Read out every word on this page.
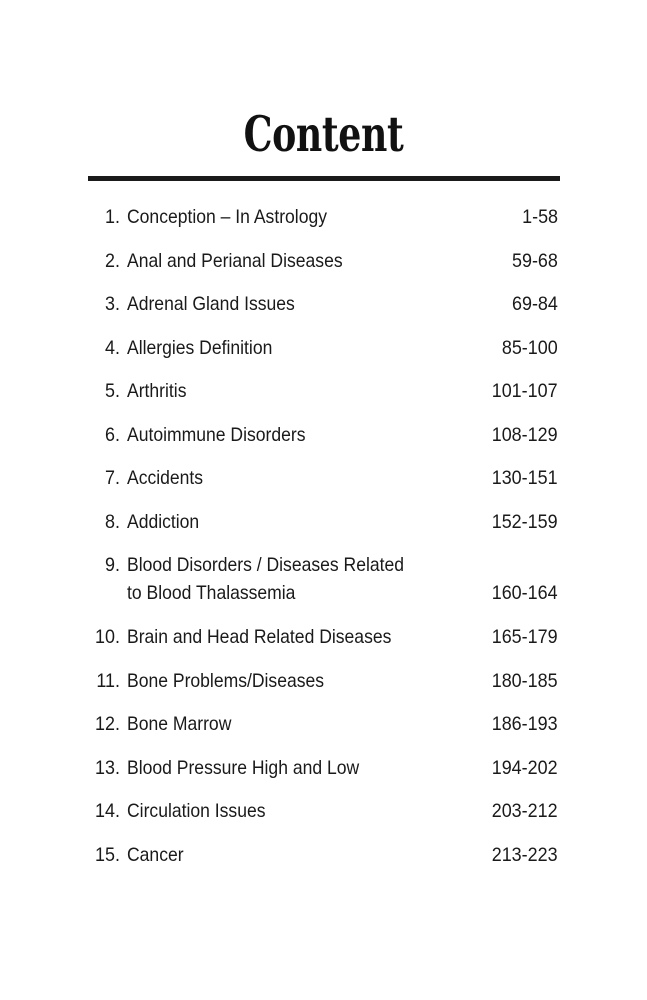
Content
1. Conception – In Astrology	1-58
2. Anal and Perianal Diseases	59-68
3. Adrenal Gland Issues	69-84
4. Allergies Definition	85-100
5. Arthritis	101-107
6. Autoimmune Disorders	108-129
7. Accidents	130-151
8. Addiction	152-159
9. Blood Disorders / Diseases Related
to Blood Thalassemia	160-164
10. Brain and Head Related Diseases	165-179
11. Bone Problems/Diseases	180-185
12. Bone Marrow	186-193
13. Blood Pressure High and Low	194-202
14. Circulation Issues	203-212
15. Cancer	213-223
